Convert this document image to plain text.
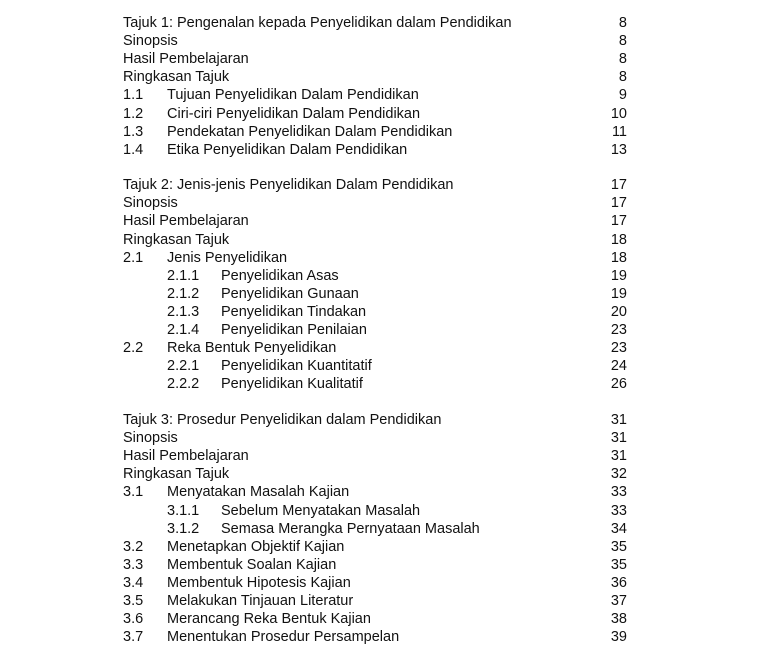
Tajuk 1: Pengenalan kepada Penyelidikan dalam Pendidikan	8
Sinopsis	8
Hasil Pembelajaran	8
Ringkasan Tajuk	8
1.1 Tujuan Penyelidikan Dalam Pendidikan	9
1.2 Ciri-ciri Penyelidikan Dalam Pendidikan	10
1.3 Pendekatan Penyelidikan Dalam Pendidikan	11
1.4 Etika Penyelidikan Dalam Pendidikan	13
Tajuk 2: Jenis-jenis Penyelidikan Dalam Pendidikan	17
Sinopsis	17
Hasil Pembelajaran	17
Ringkasan Tajuk	18
2.1 Jenis Penyelidikan	18
2.1.1 Penyelidikan Asas	19
2.1.2 Penyelidikan Gunaan	19
2.1.3 Penyelidikan Tindakan	20
2.1.4 Penyelidikan Penilaian	23
2.2 Reka Bentuk Penyelidikan	23
2.2.1 Penyelidikan Kuantitatif	24
2.2.2 Penyelidikan Kualitatif	26
Tajuk 3: Prosedur Penyelidikan dalam Pendidikan	31
Sinopsis	31
Hasil Pembelajaran	31
Ringkasan Tajuk	32
3.1 Menyatakan Masalah Kajian	33
3.1.1 Sebelum Menyatakan Masalah	33
3.1.2 Semasa Merangka Pernyataan Masalah	34
3.2 Menetapkan Objektif Kajian	35
3.3 Membentuk Soalan Kajian	35
3.4 Membentuk Hipotesis Kajian	36
3.5 Melakukan Tinjauan Literatur	37
3.6 Merancang Reka Bentuk Kajian	38
3.7 Menentukan Prosedur Persampelan	39
